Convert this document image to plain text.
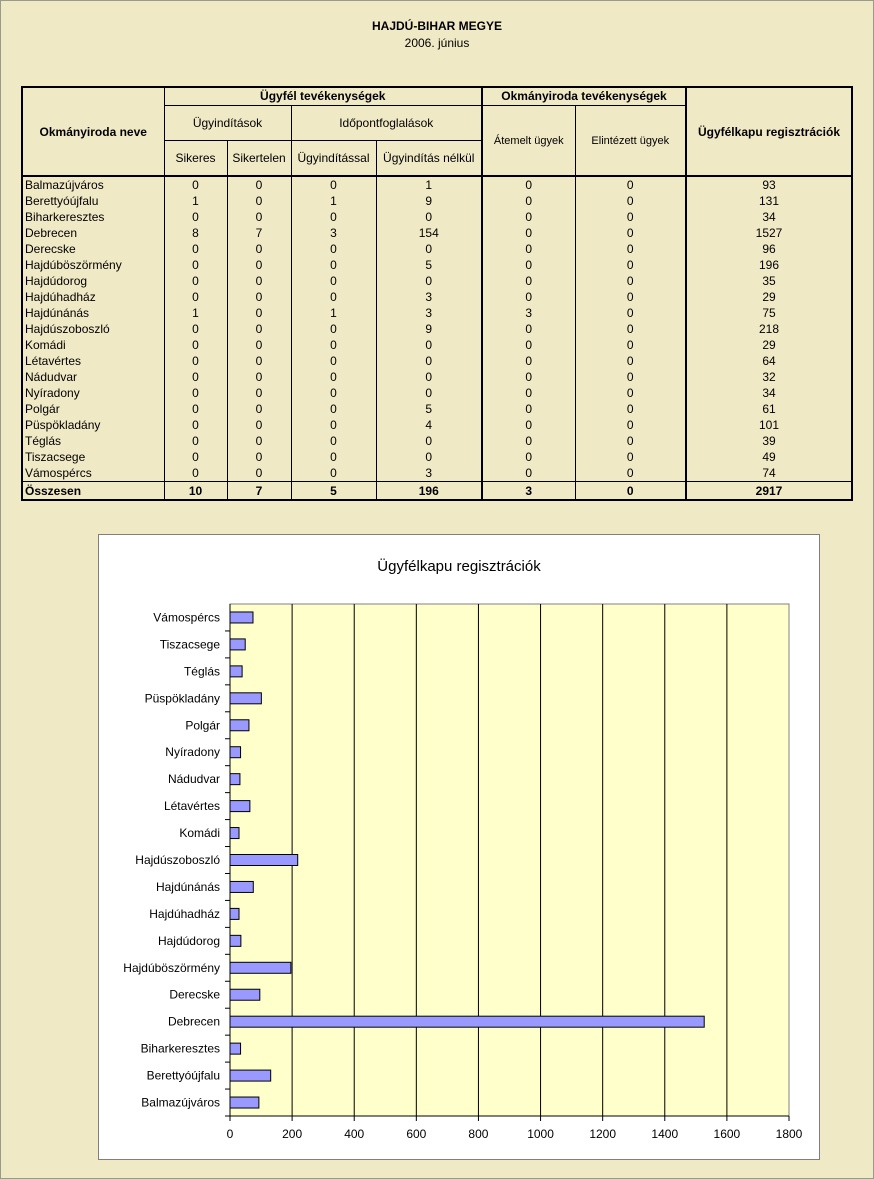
HAJDÚ-BIHAR MEGYE
2006. június
Okmányiroda neve	Ügyfél tevékenységek				Okmányiroda tevékenységek		Ügyfélkapu regisztrációk
	Ügyindítások		Időpontfoglalások		Átemelt ügyek	Elintézett ügyek	
	Sikeres	Sikertelen	Ügyindítással	Ügyindítás nélkül			
Balmazújváros	0	0	0	1	0	0	93
Berettyóújfalu	1	0	1	9	0	0	131
Biharkeresztes	0	0	0	0	0	0	34
Debrecen	8	7	3	154	0	0	1527
Derecske	0	0	0	0	0	0	96
Hajdúböszörmény	0	0	0	5	0	0	196
Hajdúdorog	0	0	0	0	0	0	35
Hajdúhadház	0	0	0	3	0	0	29
Hajdúnánás	1	0	1	3	3	0	75
Hajdúszoboszló	0	0	0	9	0	0	218
Komádi	0	0	0	0	0	0	29
Létavértes	0	0	0	0	0	0	64
Nádudvar	0	0	0	0	0	0	32
Nyíradony	0	0	0	0	0	0	34
Polgár	0	0	0	5	0	0	61
Püspökladány	0	0	0	4	0	0	101
Téglás	0	0	0	0	0	0	39
Tiszacsege	0	0	0	0	0	0	49
Vámospércs	0	0	0	3	0	0	74
Összesen	10	7	5	196	3	0	2917
Ügyfélkapu regisztrációk
0	200	400	600	800	1000	1200	1400	1600	1800
Balmazújváros
Berettyóújfalu
Biharkeresztes
Debrecen
Derecske
Hajdúböszörmény
Hajdúdorog
Hajdúhadház
Hajdúnánás
Hajdúszoboszló
Komádi
Létavértes
Nádudvar
Nyíradony
Polgár
Püspökladány
Téglás
Tiszacsege
Vámospércs
